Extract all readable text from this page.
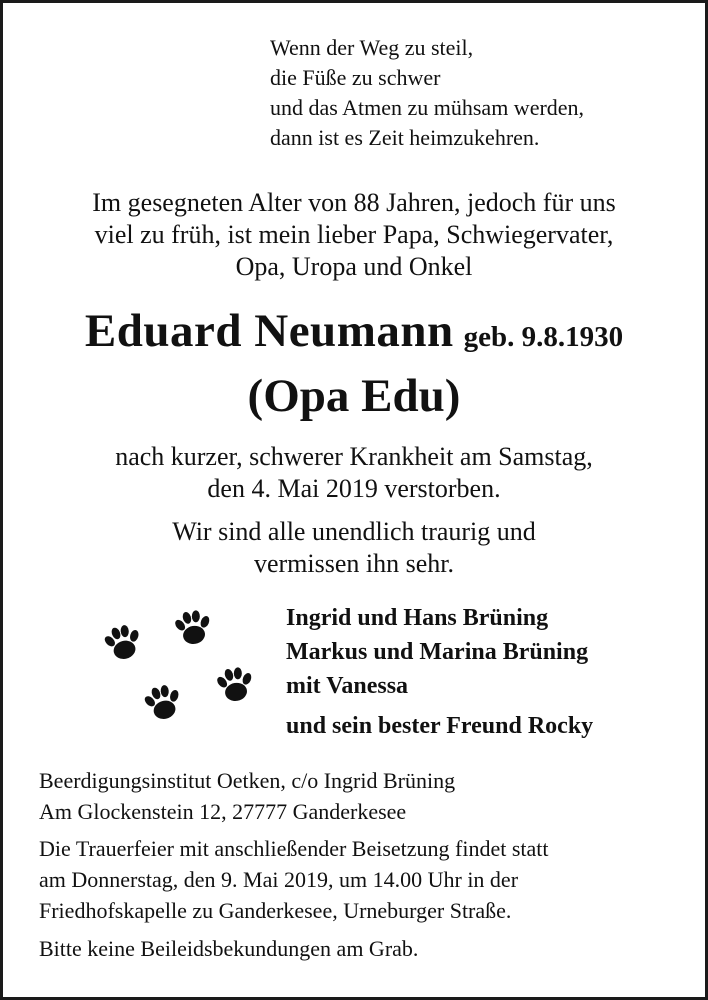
Wenn der Weg zu steil,
die Füße zu schwer
und das Atmen zu mühsam werden,
dann ist es Zeit heimzukehren.
Im gesegneten Alter von 88 Jahren, jedoch für uns
viel zu früh, ist mein lieber Papa, Schwiegervater,
Opa, Uropa und Onkel
Eduard Neumann geb. 9.8.1930
(Opa Edu)
nach kurzer, schwerer Krankheit am Samstag,
den 4. Mai 2019 verstorben.
Wir sind alle unendlich traurig und
vermissen ihn sehr.
Ingrid und Hans Brüning
Markus und Marina Brüning
mit Vanessa
und sein bester Freund Rocky
Beerdigungsinstitut Oetken, c/o Ingrid Brüning
Am Glockenstein 12, 27777 Ganderkesee
Die Trauerfeier mit anschließender Beisetzung findet statt
am Donnerstag, den 9. Mai 2019, um 14.00 Uhr in der
Friedhofskapelle zu Ganderkesee, Urneburger Straße.
Bitte keine Beileidsbekundungen am Grab.
